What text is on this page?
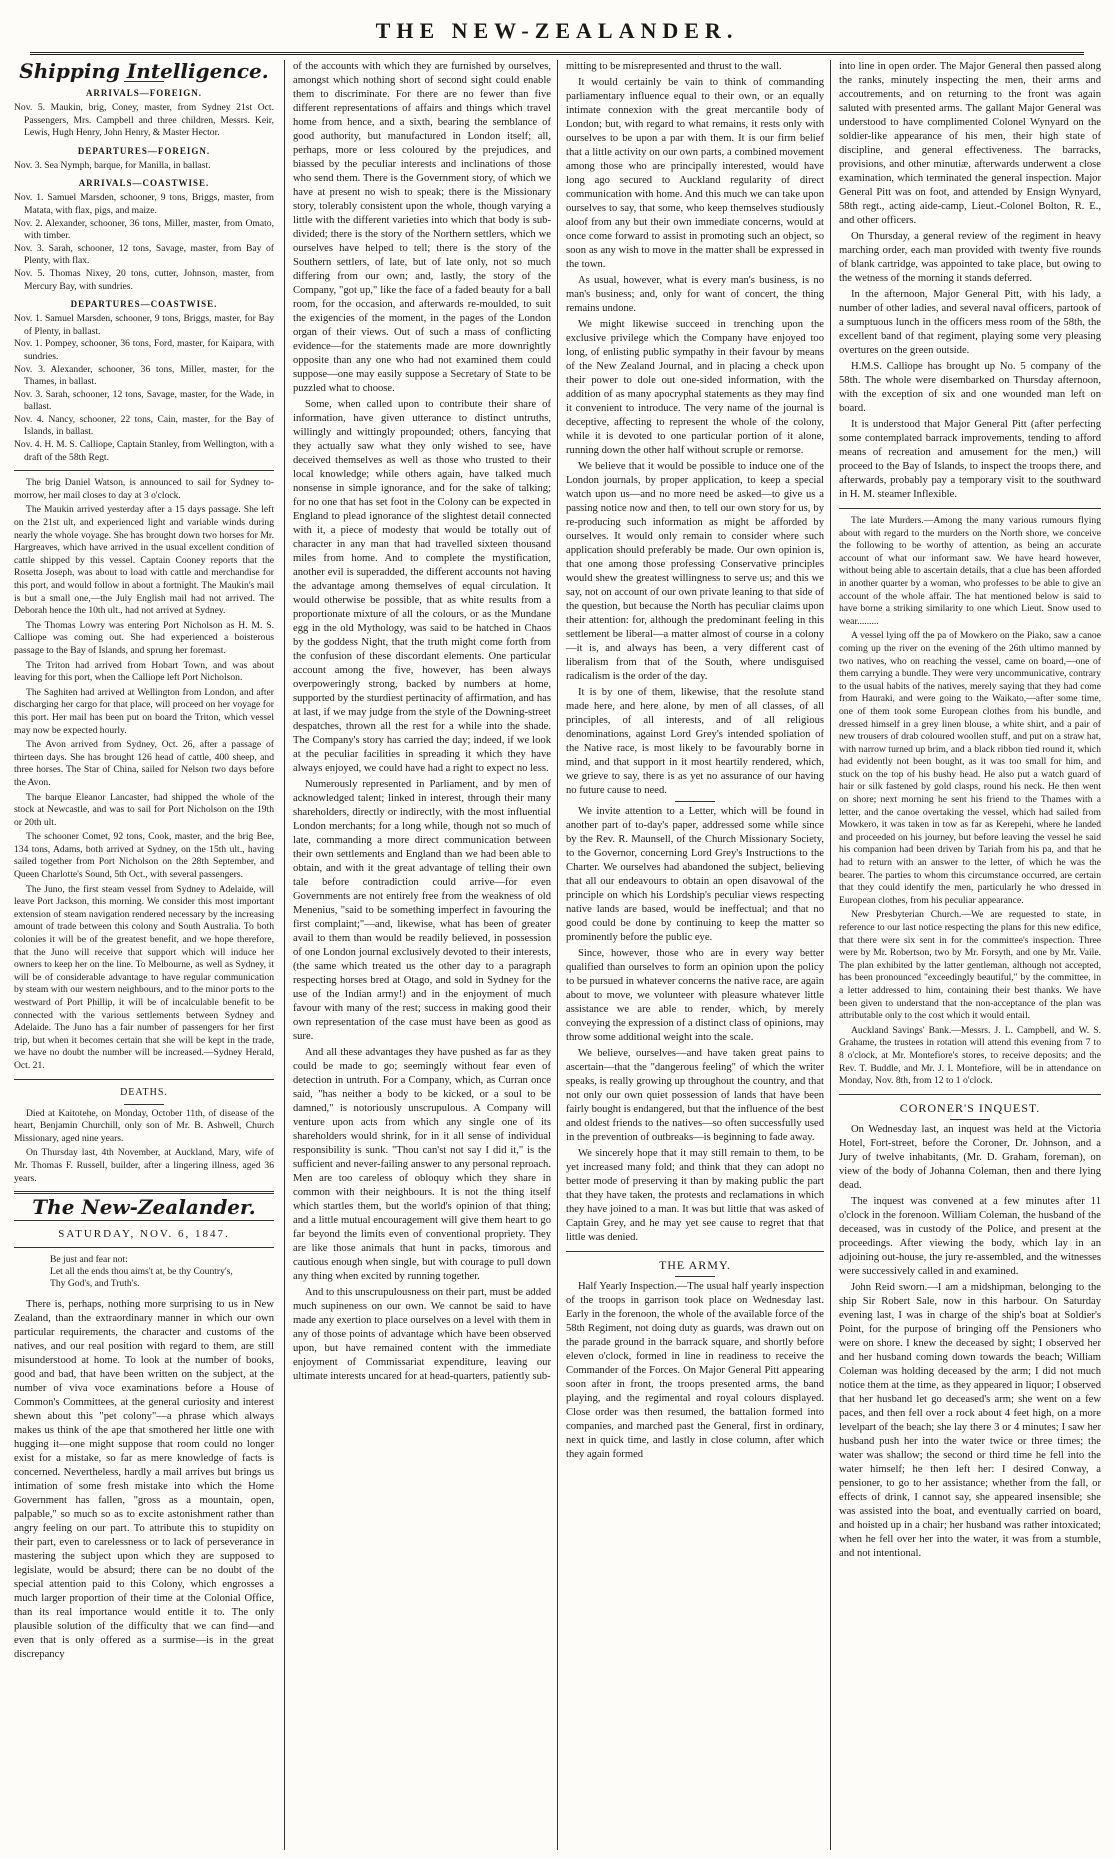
THE NEW-ZEALANDER.
Shipping Intelligence.
ARRIVALS—FOREIGN.

Nov. 5. Maukin, brig, Coney, master, from Sydney 21st Oct. Passengers, Mrs. Campbell and three children, Messrs. Keir, Lewis, Hugh Henry, John Henry, & Master Hector.

DEPARTURES—FOREIGN.

Nov. 3. Sea Nymph, barque, for Manilla, in ballast.

ARRIVALS—COASTWISE.

Nov. 1. Samuel Marsden, schooner, 9 tons, Briggs, master, from Matata, with flax, pigs, and maize.

Nov. 2. Alexander, schooner, 36 tons, Miller, master, from Omato, with timber.

Nov. 3. Sarah, schooner, 12 tons, Savage, master, from Bay of Plenty, with flax.

Nov. 5. Thomas Nixey, 20 tons, cutter, Johnson, master, from Mercury Bay, with sundries.

DEPARTURES—COASTWISE.

Nov. 1. Samuel Marsden, schooner, 9 tons, Briggs, master, for Bay of Plenty, in ballast.

Nov. 1. Pompey, schooner, 36 tons, Ford, master, for Kaipara, with sundries.

Nov. 3. Alexander, schooner, 36 tons, Miller, master, for the Thames, in ballast.

Nov. 3. Sarah, schooner, 12 tons, Savage, master, for the Wade, in ballast.

Nov. 4. Nancy, schooner, 22 tons, Cain, master, for the Bay of Islands, in ballast.

Nov. 4. H. M. S. Calliope, Captain Stanley, from Wellington, with a draft of the 58th Regt.

The brig Daniel Watson, is announced to sail for Sydney to-morrow, her mail closes to day at 3 o'clock.

The Maukin arrived yesterday after a 15 days passage. She left on the 21st ult, and experienced light and variable winds during nearly the whole voyage. She has brought down two horses for Mr. Hargreaves, which have arrived in the usual excellent condition of cattle shipped by this vessel. Captain Cooney reports that the Rosetta Joseph, was about to load with cattle and merchandise for this port, and would follow in about a fortnight. The Maukin's mail is but a small one,—the July English mail had not arrived. The Deborah hence the 10th ult., had not arrived at Sydney.

The Thomas Lowry was entering Port Nicholson as H. M. S. Calliope was coming out. She had experienced a boisterous passage to the Bay of Islands, and sprung her foremast.

The Triton had arrived from Hobart Town, and was about leaving for this port, when the Calliope left Port Nicholson.

The Saghiten had arrived at Wellington from London, and after discharging her cargo for that place, will proceed on her voyage for this port. Her mail has been put on board the Triton, which vessel may now be expected hourly.

The Avon arrived from Sydney, Oct. 26, after a passage of thirteen days. She has brought 126 head of cattle, 400 sheep, and three horses. The Star of China, sailed for Nelson two days before the Avon.

The barque Eleanor Lancaster, had shipped the whole of the stock at Newcastle, and was to sail for Port Nicholson on the 19th or 20th ult.

The schooner Comet, 92 tons, Cook, master, and the brig Bee, 134 tons, Adams, both arrived at Sydney, on the 15th ult., having sailed together from Port Nicholson on the 28th September, and Queen Charlotte's Sound, 5th Oct., with several passengers.

The Juno, the first steam vessel from Sydney to Adelaide, will leave Port Jackson, this morning. We consider this most important extension of steam navigation rendered necessary by the increasing amount of trade between this colony and South Australia. To both colonies it will be of the greatest benefit, and we hope therefore, that the Juno will receive that support which will induce her owners to keep her on the line. To Melbourne, as well as Sydney, it will be of considerable advantage to have regular communication by steam with our western neighbours, and to the minor ports to the westward of Port Phillip, it will be of incalculable benefit to be connected with the various settlements between Sydney and Adelaide. The Juno has a fair number of passengers for her first trip, but when it becomes certain that she will be kept in the trade, we have no doubt the number will be increased.—Sydney Herald, Oct. 21.

DEATHS.

Died at Kaitotehe, on Monday, October 11th, of disease of the heart, Benjamin Churchill, only son of Mr. B. Ashwell, Church Missionary, aged nine years.

On Thursday last, 4th November, at Auckland, Mary, wife of Mr. Thomas F. Russell, builder, after a lingering illness, aged 36 years.

The New-Zealander.
SATURDAY, NOV. 6, 1847.

Be just and fear not:
Let all the ends thou aims't at, be thy Country's,
Thy God's, and Truth's.

There is, perhaps, nothing more surprising to us in New Zealand, than the extraordinary manner in which our own particular requirements, the character and customs of the natives, and our real position with regard to them, are still misunderstood at home. To look at the number of books, good and bad, that have been written on the subject, at the number of viva voce examinations before a House of Common's Committees, at the general curiosity and interest shewn about this "pet colony"—a phrase which always makes us think of the ape that smothered her little one with hugging it—one might suppose that room could no longer exist for a mistake, so far as mere knowledge of facts is concerned. Nevertheless, hardly a mail arrives but brings us intimation of some fresh mistake into which the Home Government has fallen, "gross as a mountain, open, palpable," so much so as to excite astonishment rather than angry feeling on our part. To attribute this to stupidity on their part, even to carelessness or to lack of perseverance in mastering the subject upon which they are supposed to legislate, would be absurd; there can be no doubt of the special attention paid to this Colony, which engrosses a much larger proportion of their time at the Colonial Office, than its real importance would entitle it to. The only plausible solution of the difficulty that we can find—and even that is only offered as a surmise—is in the great discrepancy

of the accounts with which they are furnished by ourselves, amongst which nothing short of second sight could enable them to discriminate. For there are no fewer than five different representations of affairs and things which travel home from hence, and a sixth, bearing the semblance of good authority, but manufactured in London itself; all, perhaps, more or less coloured by the prejudices, and biassed by the peculiar interests and inclinations of those who send them. There is the Government story, of which we have at present no wish to speak; there is the Missionary story, tolerably consistent upon the whole, though varying a little with the different varieties into which that body is sub-divided; there is the story of the Northern settlers, which we ourselves have helped to tell; there is the story of the Southern settlers, of late, but of late only, not so much differing from our own; and, lastly, the story of the Company, "got up," like the face of a faded beauty for a ball room, for the occasion, and afterwards re-moulded, to suit the exigencies of the moment, in the pages of the London organ of their views. Out of such a mass of conflicting evidence—for the statements made are more downrightly opposite than any one who had not examined them could suppose—one may easily suppose a Secretary of State to be puzzled what to choose.

Some, when called upon to contribute their share of information, have given utterance to distinct untruths, willingly and wittingly propounded; others, fancying that they actually saw what they only wished to see, have deceived themselves as well as those who trusted to their local knowledge; while others again, have talked much nonsense in simple ignorance, and for the sake of talking; for no one that has set foot in the Colony can be expected in England to plead ignorance of the slightest detail connected with it, a piece of modesty that would be totally out of character in any man that had travelled sixteen thousand miles from home. And to complete the mystification, another evil is superadded, the different accounts not having the advantage among themselves of equal circulation. It would otherwise be possible, that as white results from a proportionate mixture of all the colours, or as the Mundane egg in the old Mythology, was said to be hatched in Chaos by the goddess Night, that the truth might come forth from the confusion of these discordant elements. One particular account among the five, however, has been always overpoweringly strong, backed by numbers at home, supported by the sturdiest pertinacity of affirmation, and has at last, if we may judge from the style of the Downing-street despatches, thrown all the rest for a while into the shade. The Company's story has carried the day; indeed, if we look at the peculiar facilities in spreading it which they have always enjoyed, we could have had a right to expect no less.

Numerously represented in Parliament, and by men of acknowledged talent; linked in interest, through their many shareholders, directly or indirectly, with the most influential London merchants; for a long while, though not so much of late, commanding a more direct communication between their own settlements and England than we had been able to obtain, and with it the great advantage of telling their own tale before contradiction could arrive—for even Governments are not entirely free from the weakness of old Menenius, "said to be something imperfect in favouring the first complaint;"—and, likewise, what has been of greater avail to them than would be readily believed, in possession of one London journal exclusively devoted to their interests, (the same which treated us the other day to a paragraph respecting horses bred at Otago, and sold in Sydney for the use of the Indian army!) and in the enjoyment of much favour with many of the rest; success in making good their own representation of the case must have been as good as sure.

And all these advantages they have pushed as far as they could be made to go; seemingly without fear even of detection in untruth. For a Company, which, as Curran once said, "has neither a body to be kicked, or a soul to be damned," is notoriously unscrupulous. A Company will venture upon acts from which any single one of its shareholders would shrink, for in it all sense of individual responsibility is sunk. "Thou can'st not say I did it," is the sufficient and never-failing answer to any personal reproach. Men are too careless of obloquy which they share in common with their neighbours. It is not the thing itself which startles them, but the world's opinion of that thing; and a little mutual encouragement will give them heart to go far beyond the limits even of conventional propriety. They are like those animals that hunt in packs, timorous and cautious enough when single, but with courage to pull down any thing when excited by running together.

And to this unscrupulousness on their part, must be added much supineness on our own. We cannot be said to have made any exertion to place ourselves on a level with them in any of those points of advantage which have been observed upon, but have remained content with the immediate enjoyment of Commissariat expenditure, leaving our ultimate interests uncared for at head-quarters, patiently sub-

mitting to be misrepresented and thrust to the wall.

It would certainly be vain to think of commanding parliamentary influence equal to their own, or an equally intimate connexion with the great mercantile body of London; but, with regard to what remains, it rests only with ourselves to be upon a par with them. It is our firm belief that a little activity on our own parts, a combined movement among those who are principally interested, would have long ago secured to Auckland regularity of direct communication with home. And this much we can take upon ourselves to say, that some, who keep themselves studiously aloof from any but their own immediate concerns, would at once come forward to assist in promoting such an object, so soon as any wish to move in the matter shall be expressed in the town.

As usual, however, what is every man's business, is no man's business; and, only for want of concert, the thing remains undone.

We might likewise succeed in trenching upon the exclusive privilege which the Company have enjoyed too long, of enlisting public sympathy in their favour by means of the New Zealand Journal, and in placing a check upon their power to dole out one-sided information, with the addition of as many apocryphal statements as they may find it convenient to introduce. The very name of the journal is deceptive, affecting to represent the whole of the colony, while it is devoted to one particular portion of it alone, running down the other half without scruple or remorse.

We believe that it would be possible to induce one of the London journals, by proper application, to keep a special watch upon us—and no more need be asked—to give us a passing notice now and then, to tell our own story for us, by re-producing such information as might be afforded by ourselves. It would only remain to consider where such application should preferably be made. Our own opinion is, that one among those professing Conservative principles would shew the greatest willingness to serve us; and this we say, not on account of our own private leaning to that side of the question, but because the North has peculiar claims upon their attention: for, although the predominant feeling in this settlement be liberal—a matter almost of course in a colony—it is, and always has been, a very different cast of liberalism from that of the South, where undisguised radicalism is the order of the day.

It is by one of them, likewise, that the resolute stand made here, and here alone, by men of all classes, of all principles, of all interests, and of all religious denominations, against Lord Grey's intended spoliation of the Native race, is most likely to be favourably borne in mind, and that support in it most heartily rendered, which, we grieve to say, there is as yet no assurance of our having no future cause to need.

We invite attention to a Letter, which will be found in another part of to-day's paper, addressed some while since by the Rev. R. Maunsell, of the Church Missionary Society, to the Governor, concerning Lord Grey's Instructions to the Charter. We ourselves had abandoned the subject, believing that all our endeavours to obtain an open disavowal of the principle on which his Lordship's peculiar views respecting native lands are based, would be ineffectual; and that no good could be done by continuing to keep the matter so prominently before the public eye.

Since, however, those who are in every way better qualified than ourselves to form an opinion upon the policy to be pursued in whatever concerns the native race, are again about to move, we volunteer with pleasure whatever little assistance we are able to render, which, by merely conveying the expression of a distinct class of opinions, may throw some additional weight into the scale.

We believe, ourselves—and have taken great pains to ascertain—that the "dangerous feeling" of which the writer speaks, is really growing up throughout the country, and that not only our own quiet possession of lands that have been fairly bought is endangered, but that the influence of the best and oldest friends to the natives—so often successfully used in the prevention of outbreaks—is beginning to fade away.

We sincerely hope that it may still remain to them, to be yet increased many fold; and think that they can adopt no better mode of preserving it than by making public the part that they have taken, the protests and reclamations in which they have joined to a man. It was but little that was asked of Captain Grey, and he may yet see cause to regret that that little was denied.

THE ARMY.

Half Yearly Inspection.—The usual half yearly inspection of the troops in garrison took place on Wednesday last. Early in the forenoon, the whole of the available force of the 58th Regiment, not doing duty as guards, was drawn out on the parade ground in the barrack square, and shortly before eleven o'clock, formed in line in readiness to receive the Commander of the Forces. On Major General Pitt appearing soon after in front, the troops presented arms, the band playing, and the regimental and royal colours displayed. Close order was then resumed, the battalion formed into companies, and marched past the General, first in ordinary, next in quick time, and lastly in close column, after which they again formed

into line in open order. The Major General then passed along the ranks, minutely inspecting the men, their arms and accoutrements, and on returning to the front was again saluted with presented arms. The gallant Major General was understood to have complimented Colonel Wynyard on the soldier-like appearance of his men, their high state of discipline, and general effectiveness. The barracks, provisions, and other minutiæ, afterwards underwent a close examination, which terminated the general inspection. Major General Pitt was on foot, and attended by Ensign Wynyard, 58th regt., acting aide-camp, Lieut.-Colonel Bolton, R. E., and other officers.

On Thursday, a general review of the regiment in heavy marching order, each man provided with twenty five rounds of blank cartridge, was appointed to take place, but owing to the wetness of the morning it stands deferred.

In the afternoon, Major General Pitt, with his lady, a number of other ladies, and several naval officers, partook of a sumptuous lunch in the officers mess room of the 58th, the excellent band of that regiment, playing some very pleasing overtures on the green outside.

H.M.S. Calliope has brought up No. 5 company of the 58th. The whole were disembarked on Thursday afternoon, with the exception of six and one wounded man left on board.

It is understood that Major General Pitt (after perfecting some contemplated barrack improvements, tending to afford means of recreation and amusement for the men,) will proceed to the Bay of Islands, to inspect the troops there, and afterwards, probably pay a temporary visit to the southward in H. M. steamer Inflexible.

The late Murders.—Among the many various rumours flying about with regard to the murders on the North shore, we conceive the following to be worthy of attention, as being an accurate account of what our informant saw. We have heard however, without being able to ascertain details, that a clue has been afforded in another quarter by a woman, who professes to be able to give an account of the whole affair. The hat mentioned below is said to have borne a striking similarity to one which Lieut. Snow used to wear.........

A vessel lying off the pa of Mowkero on the Piako, saw a canoe coming up the river on the evening of the 26th ultimo manned by two natives, who on reaching the vessel, came on board,—one of them carrying a bundle. They were very uncommunicative, contrary to the usual habits of the natives, merely saying that they had come from Hauraki, and were going to the Waikato,—after some time, one of them took some European clothes from his bundle, and dressed himself in a grey linen blouse, a white shirt, and a pair of new trousers of drab coloured woollen stuff, and put on a straw hat, with narrow turned up brim, and a black ribbon tied round it, which had evidently not been bought, as it was too small for him, and stuck on the top of his bushy head. He also put a watch guard of hair or silk fastened by gold clasps, round his neck. He then went on shore; next morning he sent his friend to the Thames with a letter, and the canoe overtaking the vessel, which had sailed from Mowkero, it was taken in tow as far as Kerepehi, where he landed and proceeded on his journey, but before leaving the vessel he said his companion had been driven by Tariah from his pa, and that he had to return with an answer to the letter, of which he was the bearer. The parties to whom this circumstance occurred, are certain that they could identify the men, particularly he who dressed in European clothes, from his peculiar appearance.

New Presbyterian Church.—We are requested to state, in reference to our last notice respecting the plans for this new edifice, that there were six sent in for the committee's inspection. Three were by Mr. Robertson, two by Mr. Forsyth, and one by Mr. Vaile. The plan exhibited by the latter gentleman, although not accepted, has been pronounced "exceedingly beautiful," by the committee, in a letter addressed to him, containing their best thanks. We have been given to understand that the non-acceptance of the plan was attributable only to the cost which it would entail.

Auckland Savings' Bank.—Messrs. J. L. Campbell, and W. S. Grahame, the trustees in rotation will attend this evening from 7 to 8 o'clock, at Mr. Montefiore's stores, to receive deposits; and the Rev. T. Buddle, and Mr. J. I. Montefiore, will be in attendance on Monday, Nov. 8th, from 12 to 1 o'clock.

CORONER'S INQUEST.

On Wednesday last, an inquest was held at the Victoria Hotel, Fort-street, before the Coroner, Dr. Johnson, and a Jury of twelve inhabitants, (Mr. D. Graham, foreman), on view of the body of Johanna Coleman, then and there lying dead.

The inquest was convened at a few minutes after 11 o'clock in the forenoon. William Coleman, the husband of the deceased, was in custody of the Police, and present at the proceedings. After viewing the body, which lay in an adjoining out-house, the jury re-assembled, and the witnesses were successively called in and examined.

John Reid sworn.—I am a midshipman, belonging to the ship Sir Robert Sale, now in this harbour. On Saturday evening last, I was in charge of the ship's boat at Soldier's Point, for the purpose of bringing off the Pensioners who were on shore. I knew the deceased by sight; I observed her and her husband coming down towards the beach; William Coleman was holding deceased by the arm; I did not much notice them at the time, as they appeared in liquor; I observed that her husband let go deceased's arm; she went on a few paces, and then fell over a rock about 4 feet high, on a more levelpart of the beach; she lay there 3 or 4 minutes; I saw her husband push her into the water twice or three times; the water was shallow; the second or third time he fell into the water himself; he then left her: I desired Conway, a pensioner, to go to her assistance; whether from the fall, or effects of drink, I cannot say, she appeared insensible; she was assisted into the boat, and eventually carried on board, and hoisted up in a chair; her husband was rather intoxicated; when he fell over her into the water, it was from a stumble, and not intentional.
